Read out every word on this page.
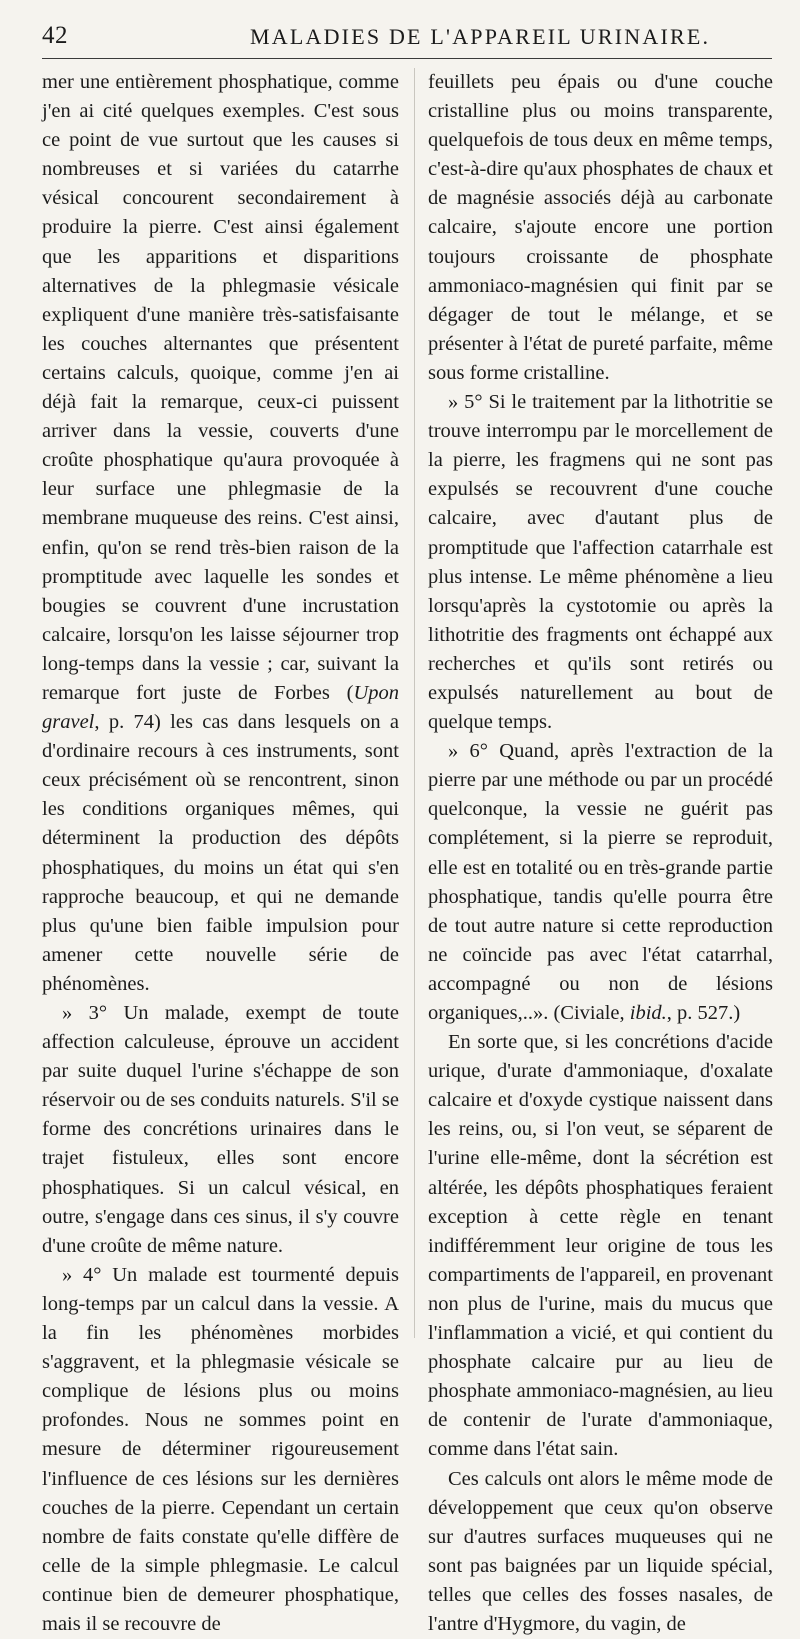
42	MALADIES DE L'APPAREIL URINAIRE.

mer une entièrement phosphatique, comme j'en ai cité quelques exemples. C'est sous ce point de vue surtout que les causes si nombreuses et si variées du catarrhe vésical concourent secondairement à produire la pierre. C'est ainsi également que les apparitions et disparitions alternatives de la phlegmasie vésicale expliquent d'une manière très-satisfaisante les couches alternantes que présentent certains calculs, quoique, comme j'en ai déjà fait la remarque, ceux-ci puissent arriver dans la vessie, couverts d'une croûte phosphatique qu'aura provoquée à leur surface une phlegmasie de la membrane muqueuse des reins. C'est ainsi, enfin, qu'on se rend très-bien raison de la promptitude avec laquelle les sondes et bougies se couvrent d'une incrustation calcaire, lorsqu'on les laisse séjourner trop long-temps dans la vessie ; car, suivant la remarque fort juste de Forbes (Upon gravel, p. 74) les cas dans lesquels on a d'ordinaire recours à ces instruments, sont ceux précisément où se rencontrent, sinon les conditions organiques mêmes, qui déterminent la production des dépôts phosphatiques, du moins un état qui s'en rapproche beaucoup, et qui ne demande plus qu'une bien faible impulsion pour amener cette nouvelle série de phénomènes.

» 3° Un malade, exempt de toute affection calculeuse, éprouve un accident par suite duquel l'urine s'échappe de son réservoir ou de ses conduits naturels. S'il se forme des concrétions urinaires dans le trajet fistuleux, elles sont encore phosphatiques. Si un calcul vésical, en outre, s'engage dans ces sinus, il s'y couvre d'une croûte de même nature.

» 4° Un malade est tourmenté depuis long-temps par un calcul dans la vessie. A la fin les phénomènes morbides s'aggravent, et la phlegmasie vésicale se complique de lésions plus ou moins profondes. Nous ne sommes point en mesure de déterminer rigoureusement l'influence de ces lésions sur les dernières couches de la pierre. Cependant un certain nombre de faits constate qu'elle diffère de celle de la simple phlegmasie. Le calcul continue bien de demeurer phosphatique, mais il se recouvre de

feuillets peu épais ou d'une couche cristalline plus ou moins transparente, quelquefois de tous deux en même temps, c'est-à-dire qu'aux phosphates de chaux et de magnésie associés déjà au carbonate calcaire, s'ajoute encore une portion toujours croissante de phosphate ammoniaco-magnésien qui finit par se dégager de tout le mélange, et se présenter à l'état de pureté parfaite, même sous forme cristalline.

» 5° Si le traitement par la lithotritie se trouve interrompu par le morcellement de la pierre, les fragmens qui ne sont pas expulsés se recouvrent d'une couche calcaire, avec d'autant plus de promptitude que l'affection catarrhale est plus intense. Le même phénomène a lieu lorsqu'après la cystotomie ou après la lithotritie des fragments ont échappé aux recherches et qu'ils sont retirés ou expulsés naturellement au bout de quelque temps.

» 6° Quand, après l'extraction de la pierre par une méthode ou par un procédé quelconque, la vessie ne guérit pas complétement, si la pierre se reproduit, elle est en totalité ou en très-grande partie phosphatique, tandis qu'elle pourra être de tout autre nature si cette reproduction ne coïncide pas avec l'état catarrhal, accompagné ou non de lésions organiques,..». (Civiale, ibid., p. 527.)

En sorte que, si les concrétions d'acide urique, d'urate d'ammoniaque, d'oxalate calcaire et d'oxyde cystique naissent dans les reins, ou, si l'on veut, se séparent de l'urine elle-même, dont la sécrétion est altérée, les dépôts phosphatiques feraient exception à cette règle en tenant indifféremment leur origine de tous les compartiments de l'appareil, en provenant non plus de l'urine, mais du mucus que l'inflammation a vicié, et qui contient du phosphate calcaire pur au lieu de phosphate ammoniaco-magnésien, au lieu de contenir de l'urate d'ammoniaque, comme dans l'état sain.

Ces calculs ont alors le même mode de développement que ceux qu'on observe sur d'autres surfaces muqueuses qui ne sont pas baignées par un liquide spécial, telles que celles des fosses nasales, de l'antre d'Hygmore, du vagin, de
